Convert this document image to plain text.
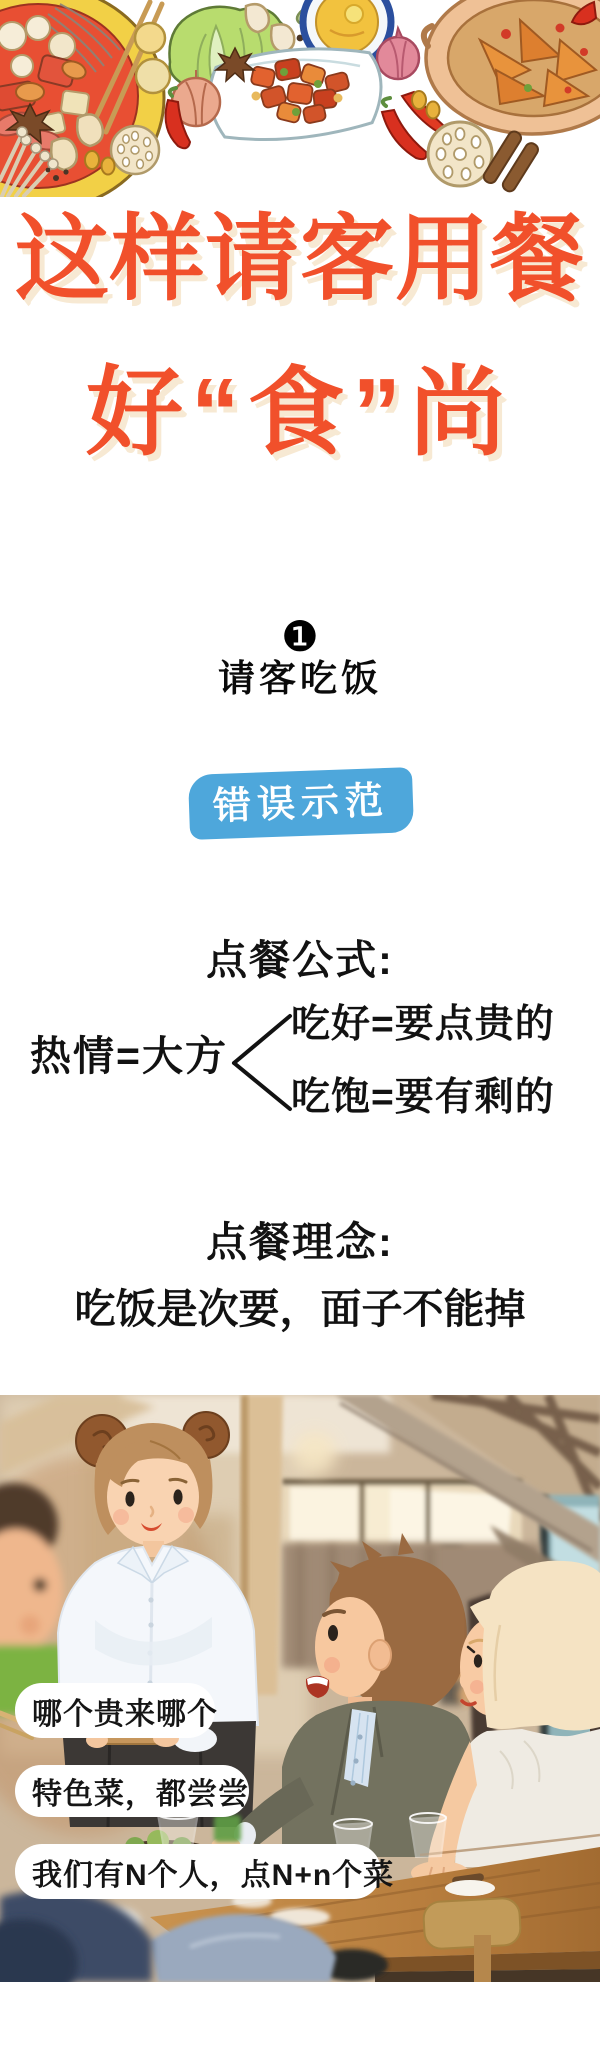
这样请客用餐
好“食”尚
❶
请客吃饭
错误示范
点餐公式:
热情=大方
吃好=要点贵的
吃饱=要有剩的
点餐理念:
吃饭是次要，面子不能掉
哪个贵来哪个
特色菜，都尝尝
我们有N个人，点N+n个菜
